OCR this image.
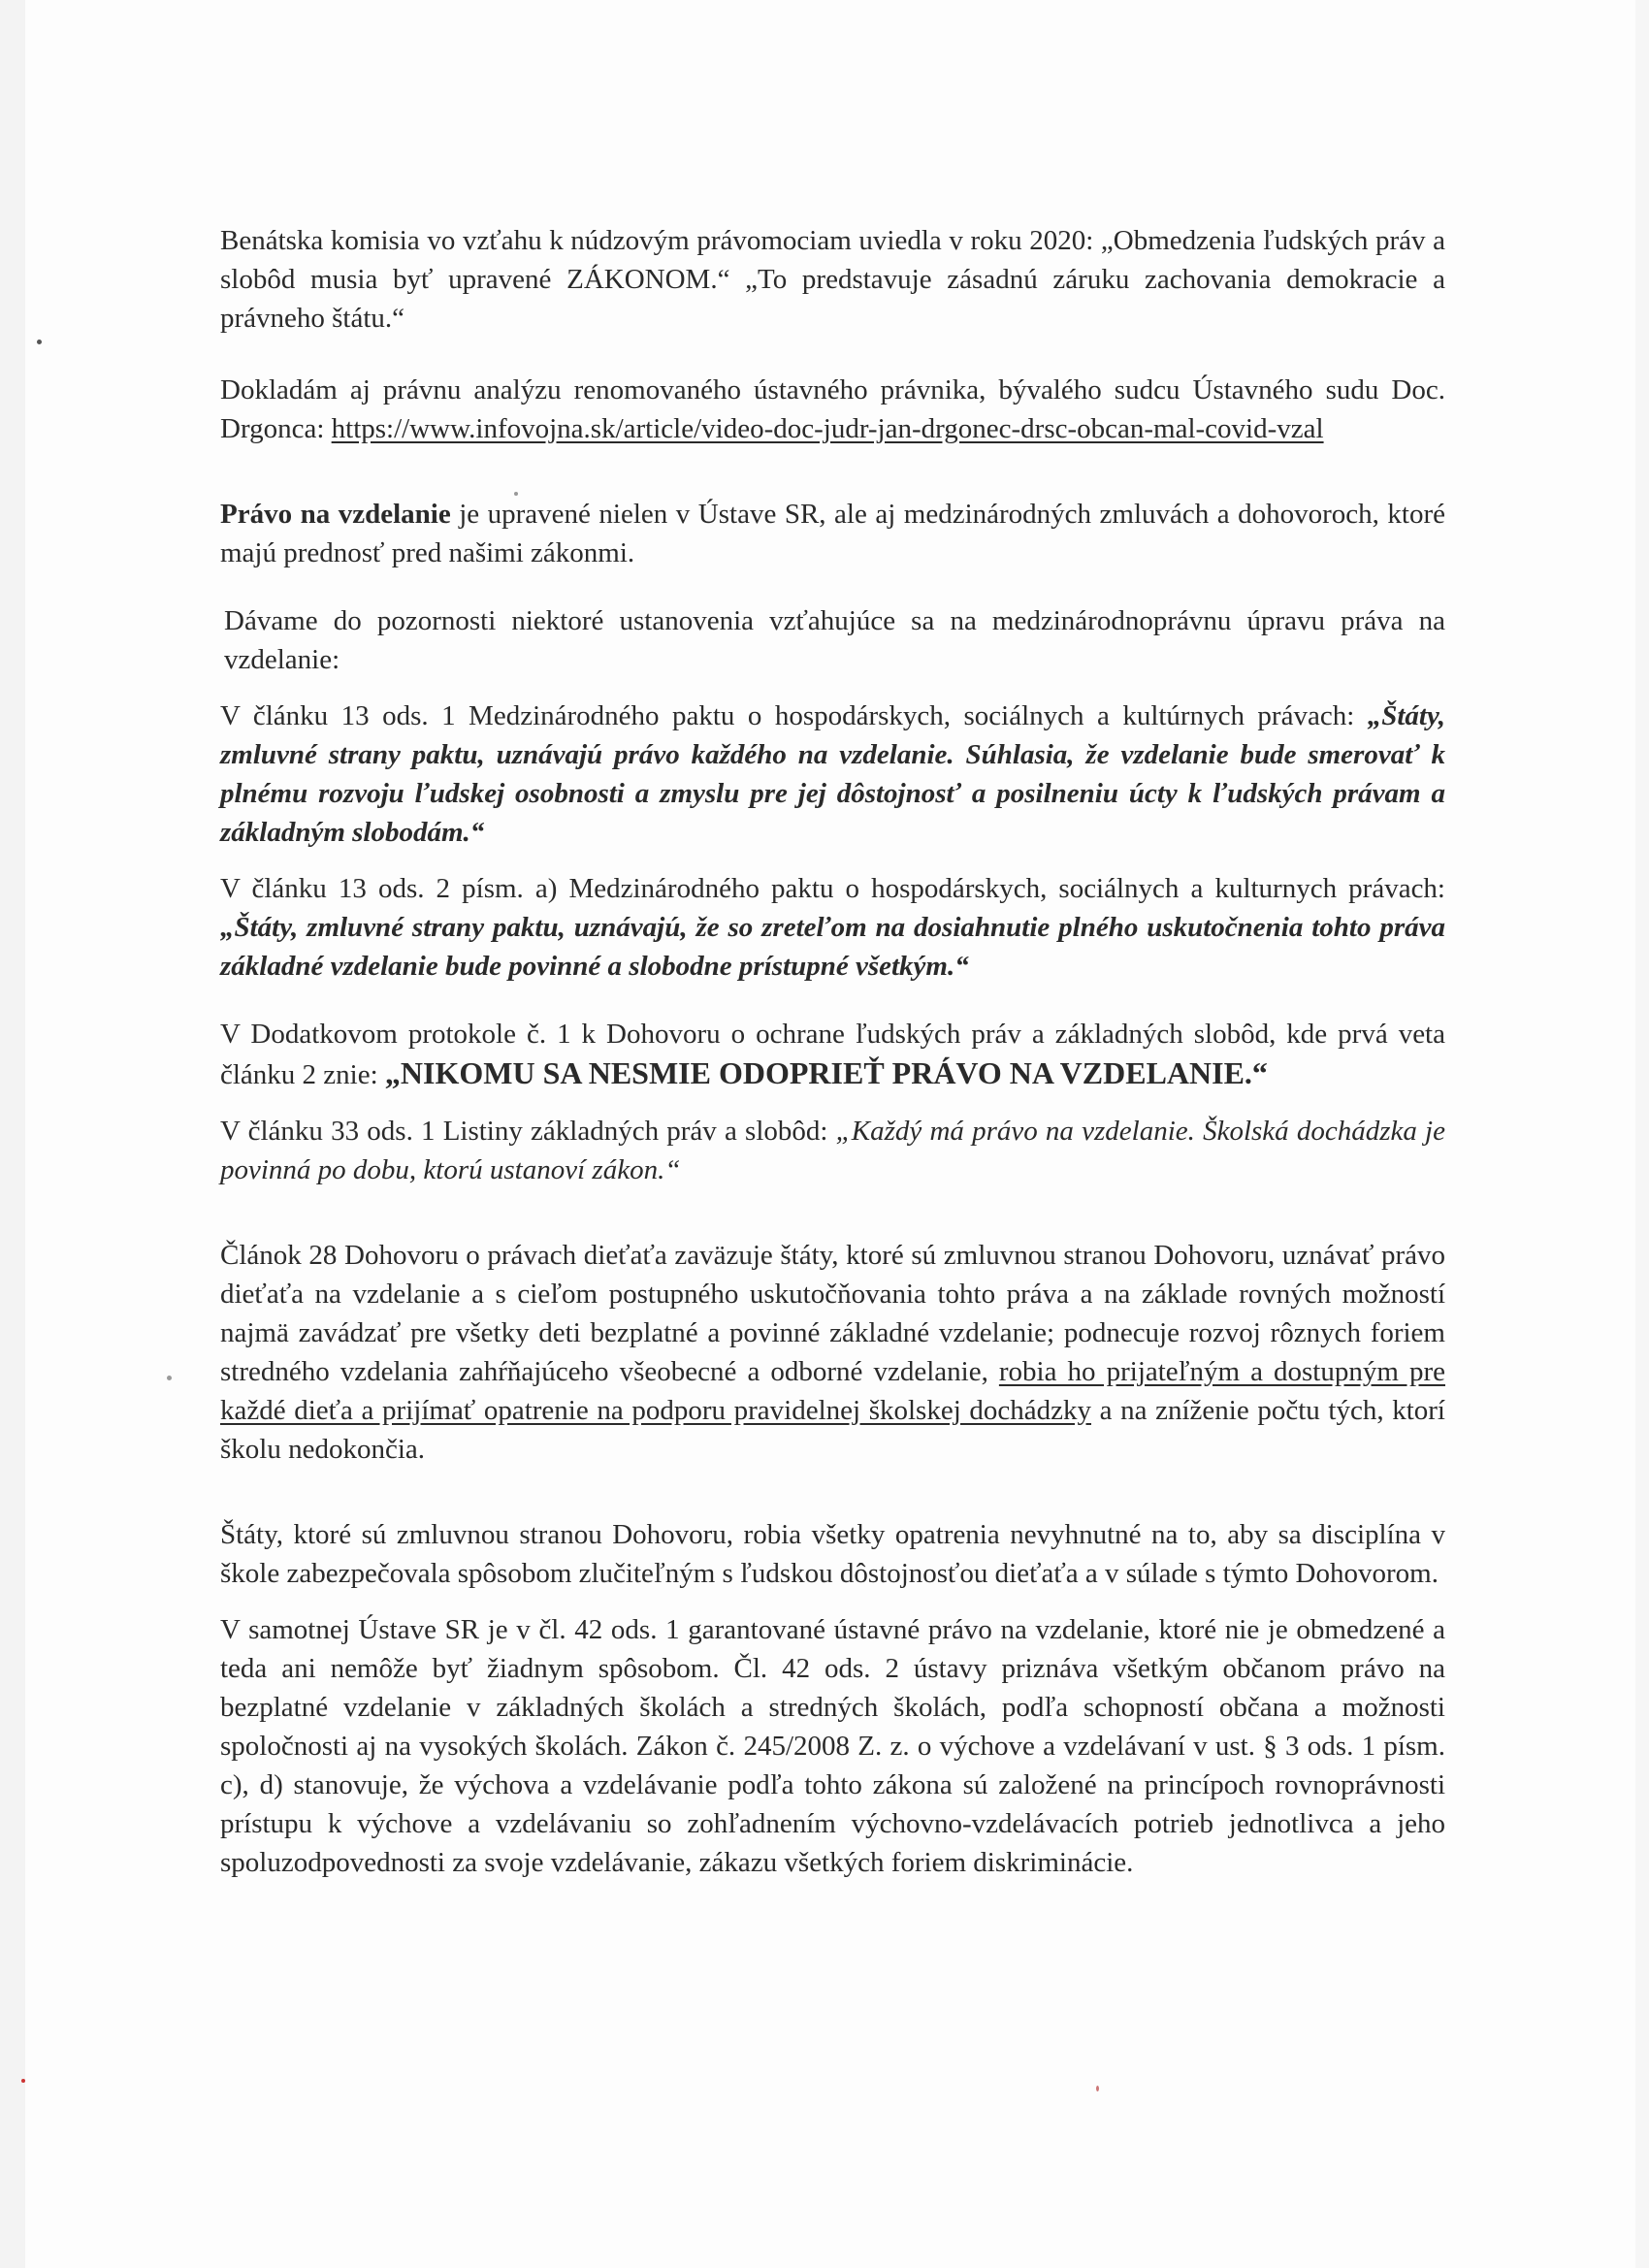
Benátska komisia vo vzťahu k núdzovým právomociam uviedla v roku 2020: „Obmedzenia ľudských práv a slobôd musia byť upravené ZÁKONOM.“ „To predstavuje zásadnú záruku zachovania demokracie a právneho štátu.“

Dokladám aj právnu analýzu renomovaného ústavného právnika, bývalého sudcu Ústavného sudu Doc. Drgonca: https://www.infovojna.sk/article/video-doc-judr-jan-drgonec-drsc-obcan-mal-covid-vzal

Právo na vzdelanie je upravené nielen v Ústave SR, ale aj medzinárodných zmluvách a dohovoroch, ktoré majú prednosť pred našimi zákonmi.

Dávame do pozornosti niektoré ustanovenia vzťahujúce sa na medzinárodnoprávnu úpravu práva na vzdelanie:

V článku 13 ods. 1 Medzinárodného paktu o hospodárskych, sociálnych a kultúrnych právach: „Štáty, zmluvné strany paktu, uznávajú právo každého na vzdelanie. Súhlasia, že vzdelanie bude smerovať k plnému rozvoju ľudskej osobnosti a zmyslu pre jej dôstojnosť a posilneniu úcty k ľudských právam a základným slobodám.“

V článku 13 ods. 2 písm. a) Medzinárodného paktu o hospodárskych, sociálnych a kulturnych právach: „Štáty, zmluvné strany paktu, uznávajú, že so zreteľom na dosiahnutie plného uskutočnenia tohto práva základné vzdelanie bude povinné a slobodne prístupné všetkým.“

V Dodatkovom protokole č. 1 k Dohovoru o ochrane ľudských práv a základných slobôd, kde prvá veta článku 2 znie: „NIKOMU SA NESMIE ODOPRIEŤ PRÁVO NA VZDELANIE.“

V článku 33 ods. 1 Listiny základných práv a slobôd: „Každý má právo na vzdelanie. Školská dochádzka je povinná po dobu, ktorú ustanoví zákon.“

Článok 28 Dohovoru o právach dieťaťa zaväzuje štáty, ktoré sú zmluvnou stranou Dohovoru, uznávať právo dieťaťa na vzdelanie a s cieľom postupného uskutočňovania tohto práva a na základe rovných možností najmä zavádzať pre všetky deti bezplatné a povinné základné vzdelanie; podnecuje rozvoj rôznych foriem stredného vzdelania zahŕňajúceho všeobecné a odborné vzdelanie, robia ho prijateľným a dostupným pre každé dieťa a prijímať opatrenie na podporu pravidelnej školskej dochádzky a na zníženie počtu tých, ktorí školu nedokončia.

Štáty, ktoré sú zmluvnou stranou Dohovoru, robia všetky opatrenia nevyhnutné na to, aby sa disciplína v škole zabezpečovala spôsobom zlučiteľným s ľudskou dôstojnosťou dieťaťa a v súlade s týmto Dohovorom.

V samotnej Ústave SR je v čl. 42 ods. 1 garantované ústavné právo na vzdelanie, ktoré nie je obmedzené a teda ani nemôže byť žiadnym spôsobom. Čl. 42 ods. 2 ústavy priznáva všetkým občanom právo na bezplatné vzdelanie v základných školách a stredných školách, podľa schopností občana a možnosti spoločnosti aj na vysokých školách. Zákon č. 245/2008 Z. z. o výchove a vzdelávaní v ust. § 3 ods. 1 písm. c), d) stanovuje, že výchova a vzdelávanie podľa tohto zákona sú založené na princípoch rovnoprávnosti prístupu k výchove a vzdelávaniu so zohľadnením výchovno-vzdelávacích potrieb jednotlivca a jeho spoluzodpovednosti za svoje vzdelávanie, zákazu všetkých foriem diskriminácie.
